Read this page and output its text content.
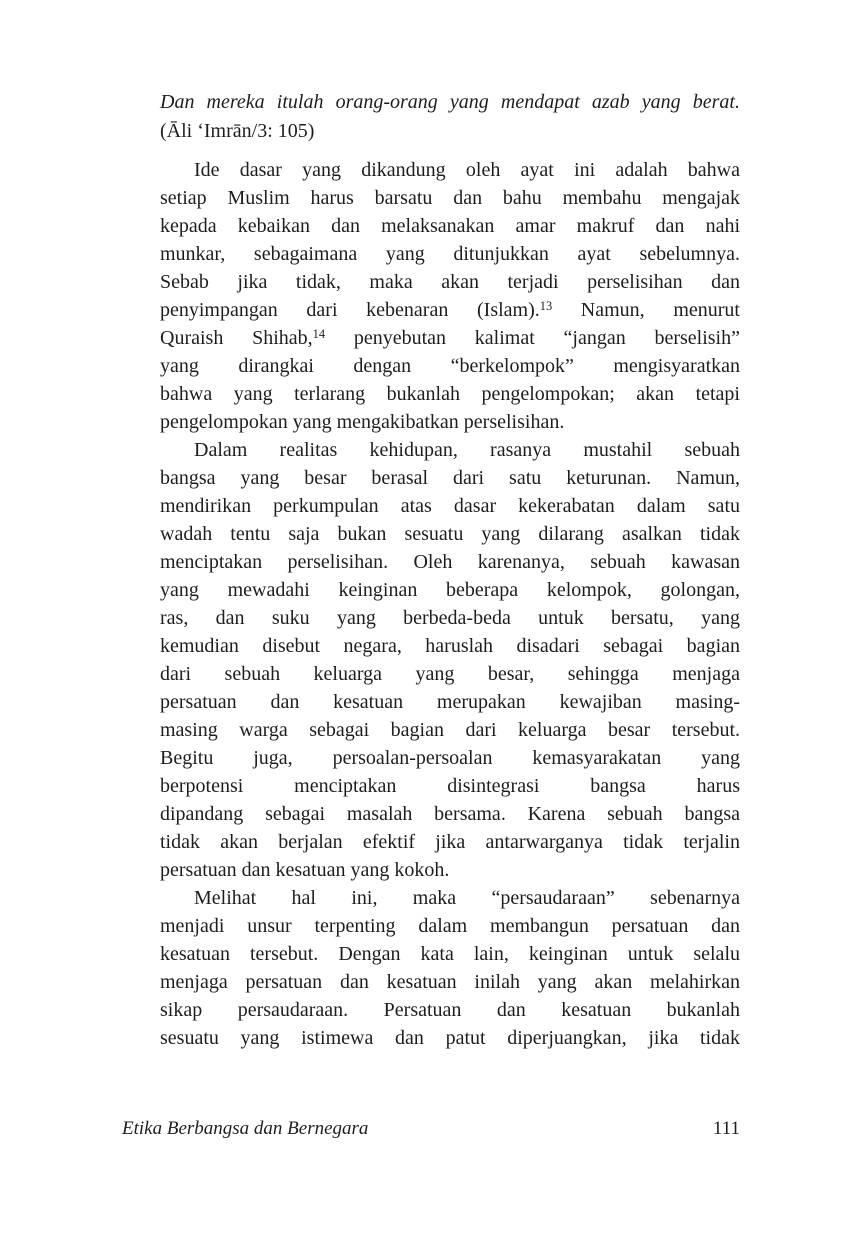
Dan mereka itulah orang-orang yang mendapat azab yang berat.
(Āli ʻImrān/3: 105)
Ide dasar yang dikandung oleh ayat ini adalah bahwa
setiap Muslim harus barsatu dan bahu membahu mengajak
kepada kebaikan dan melaksanakan amar makruf dan nahi
munkar, sebagaimana yang ditunjukkan ayat sebelumnya.
Sebab jika tidak, maka akan terjadi perselisihan dan
penyimpangan dari kebenaran (Islam).$^{13}$ Namun, menurut
Quraish Shihab,$^{14}$ penyebutan kalimat “jangan berselisih”
yang dirangkai dengan “berkelompok” mengisyaratkan
bahwa yang terlarang bukanlah pengelompokan; akan tetapi
pengelompokan yang mengakibatkan perselisihan.
Dalam realitas kehidupan, rasanya mustahil sebuah
bangsa yang besar berasal dari satu keturunan. Namun,
mendirikan perkumpulan atas dasar kekerabatan dalam satu
wadah tentu saja bukan sesuatu yang dilarang asalkan tidak
menciptakan perselisihan. Oleh karenanya, sebuah kawasan
yang mewadahi keinginan beberapa kelompok, golongan,
ras, dan suku yang berbeda-beda untuk bersatu, yang
kemudian disebut negara, haruslah disadari sebagai bagian
dari sebuah keluarga yang besar, sehingga menjaga
persatuan dan kesatuan merupakan kewajiban masing-
masing warga sebagai bagian dari keluarga besar tersebut.
Begitu juga, persoalan-persoalan kemasyarakatan yang
berpotensi menciptakan disintegrasi bangsa harus
dipandang sebagai masalah bersama. Karena sebuah bangsa
tidak akan berjalan efektif jika antarwarganya tidak terjalin
persatuan dan kesatuan yang kokoh.
Melihat hal ini, maka “persaudaraan” sebenarnya
menjadi unsur terpenting dalam membangun persatuan dan
kesatuan tersebut. Dengan kata lain, keinginan untuk selalu
menjaga persatuan dan kesatuan inilah yang akan melahirkan
sikap persaudaraan. Persatuan dan kesatuan bukanlah
sesuatu yang istimewa dan patut diperjuangkan, jika tidak
Etika Berbangsa dan Bernegara	111
